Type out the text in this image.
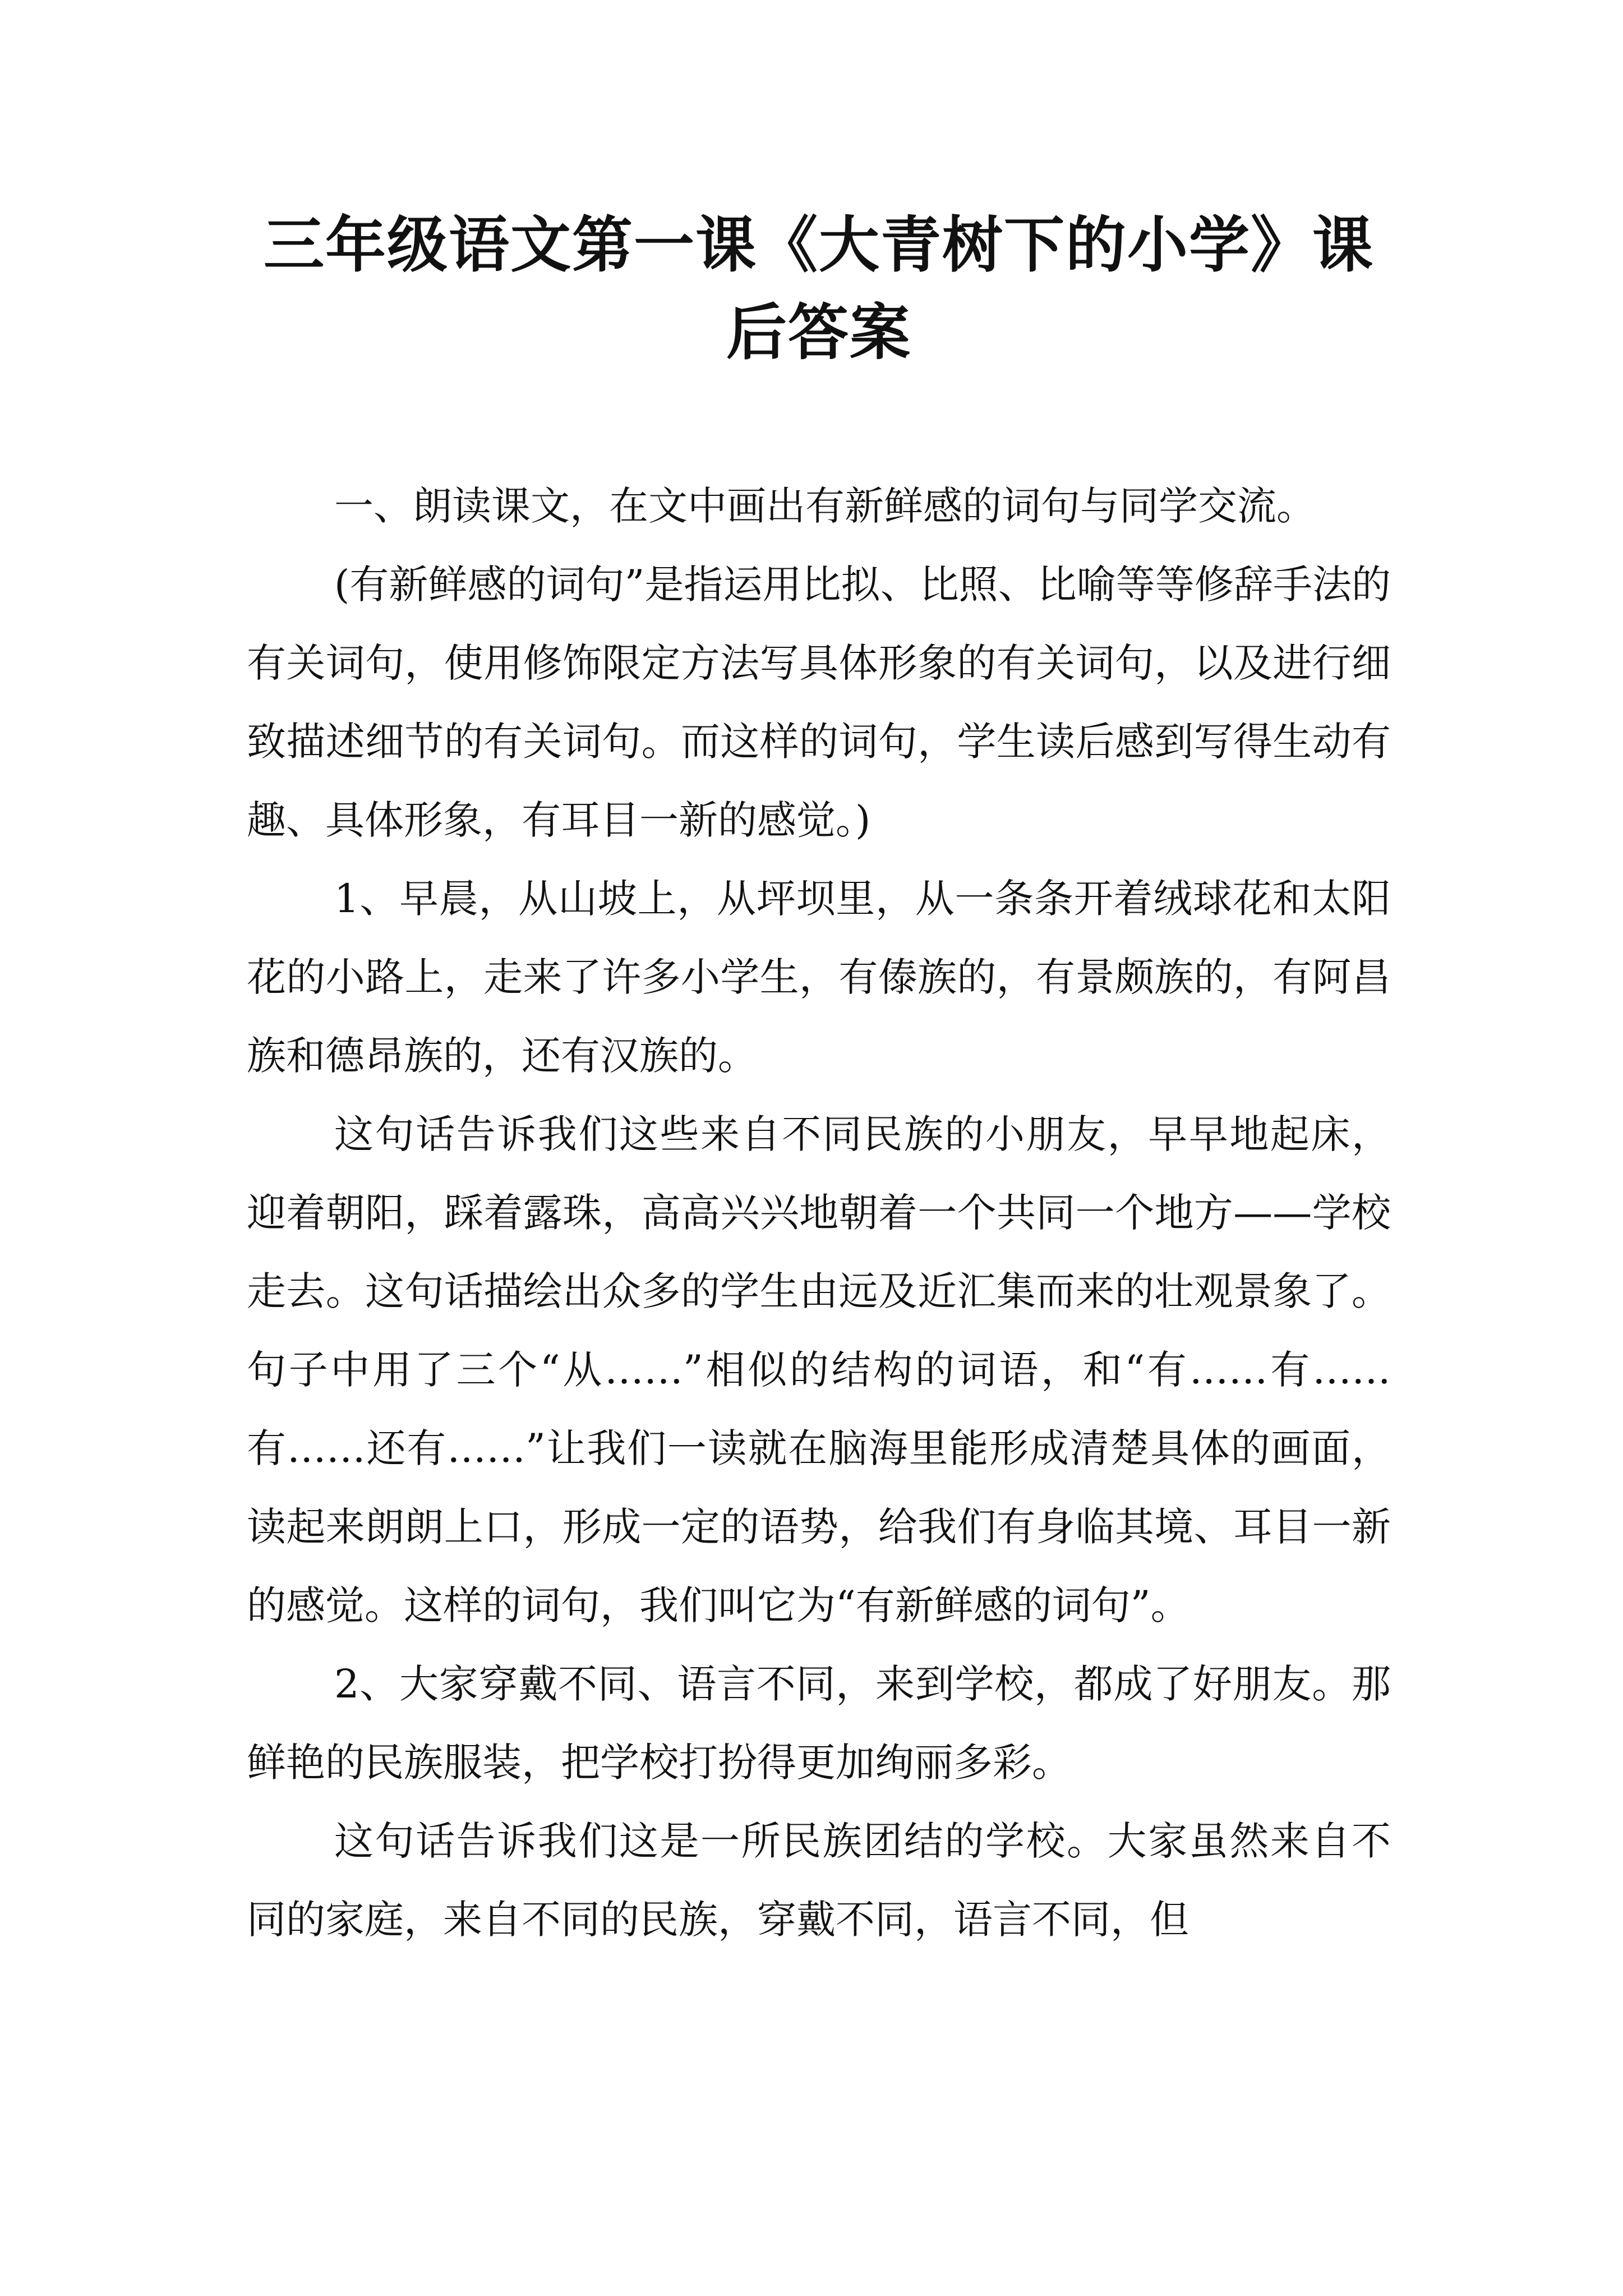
三年级语文第一课《大青树下的小学》课后答案

一、朗读课文，在文中画出有新鲜感的词句与同学交流。

(有新鲜感的词句”是指运用比拟、比照、比喻等等修辞手法的有关词句，使用修饰限定方法写具体形象的有关词句，以及进行细致描述细节的有关词句。而这样的词句，学生读后感到写得生动有趣、具体形象，有耳目一新的感觉。)

1、早晨，从山坡上，从坪坝里，从一条条开着绒球花和太阳花的小路上，走来了许多小学生，有傣族的，有景颇族的，有阿昌族和德昂族的，还有汉族的。

这句话告诉我们这些来自不同民族的小朋友，早早地起床，迎着朝阳，踩着露珠，高高兴兴地朝着一个共同一个地方——学校走去。这句话描绘出众多的学生由远及近汇集而来的壮观景象了。句子中用了三个“从……”相似的结构的词语，和“有……有……有……还有……”让我们一读就在脑海里能形成清楚具体的画面，读起来朗朗上口，形成一定的语势，给我们有身临其境、耳目一新的感觉。这样的词句，我们叫它为“有新鲜感的词句”。

2、大家穿戴不同、语言不同，来到学校，都成了好朋友。那鲜艳的民族服装，把学校打扮得更加绚丽多彩。

这句话告诉我们这是一所民族团结的学校。大家虽然来自不同的家庭，来自不同的民族，穿戴不同，语言不同，但
